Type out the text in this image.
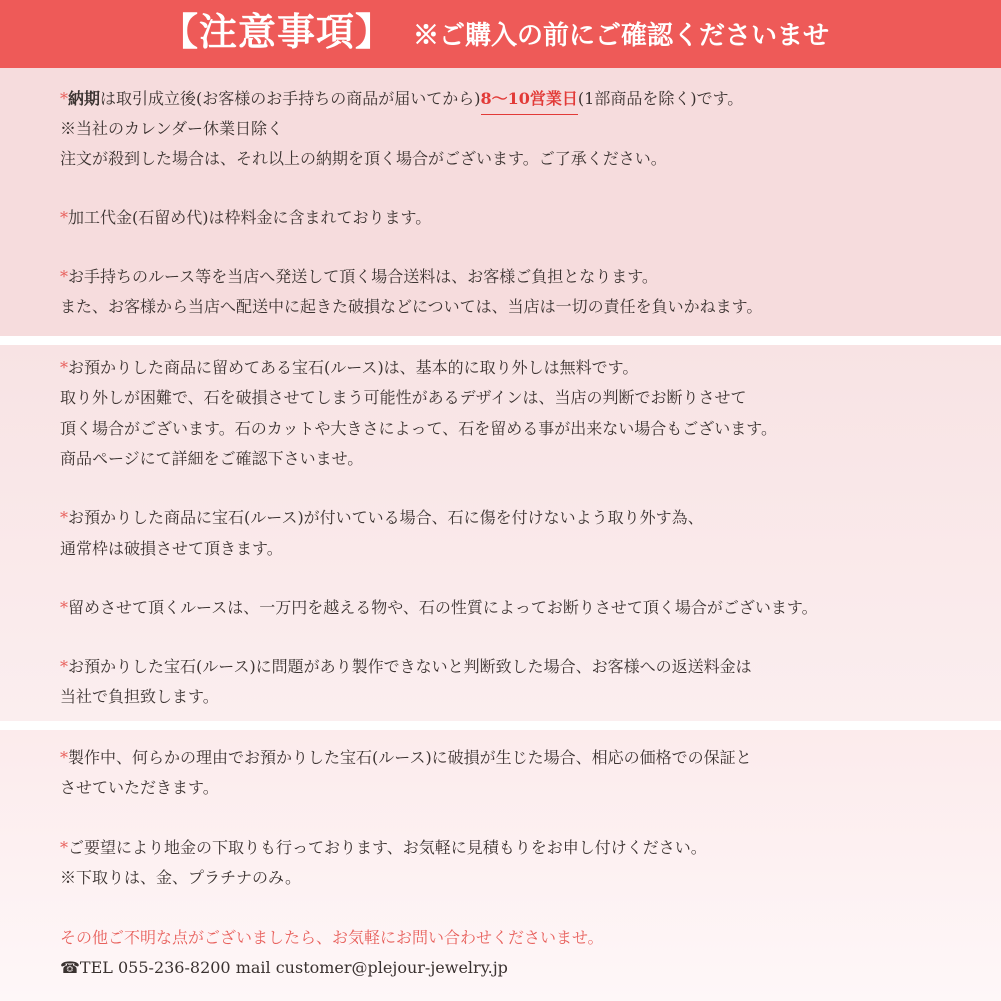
【注意事項】 ※ご購入の前にご確認くださいませ
*納期は取引成立後(お客様のお手持ちの商品が届いてから)8〜10営業日(1部商品を除く)です。
※当社のカレンダー休業日除く
注文が殺到した場合は、それ以上の納期を頂く場合がございます。ご了承ください。
*加工代金(石留め代)は枠料金に含まれております。
*お手持ちのルース等を当店へ発送して頂く場合送料は、お客様ご負担となります。
また、お客様から当店へ配送中に起きた破損などについては、当店は一切の責任を負いかねます。
*お預かりした商品に留めてある宝石(ルース)は、基本的に取り外しは無料です。
取り外しが困難で、石を破損させてしまう可能性があるデザインは、当店の判断でお断りさせて
頂く場合がございます。石のカットや大きさによって、石を留める事が出来ない場合もございます。
商品ページにて詳細をご確認下さいませ。
*お預かりした商品に宝石(ルース)が付いている場合、石に傷を付けないよう取り外す為、
通常枠は破損させて頂きます。
*留めさせて頂くルースは、一万円を越える物や、石の性質によってお断りさせて頂く場合がございます。
*お預かりした宝石(ルース)に問題があり製作できないと判断致した場合、お客様への返送料金は
当社で負担致します。
*製作中、何らかの理由でお預かりした宝石(ルース)に破損が生じた場合、相応の価格での保証と
させていただきます。
*ご要望により地金の下取りも行っております、お気軽に見積もりをお申し付けください。
※下取りは、金、プラチナのみ。
その他ご不明な点がございましたら、お気軽にお問い合わせくださいませ。
☎TEL 055-236-8200 mail customer@plejour-jewelry.jp
